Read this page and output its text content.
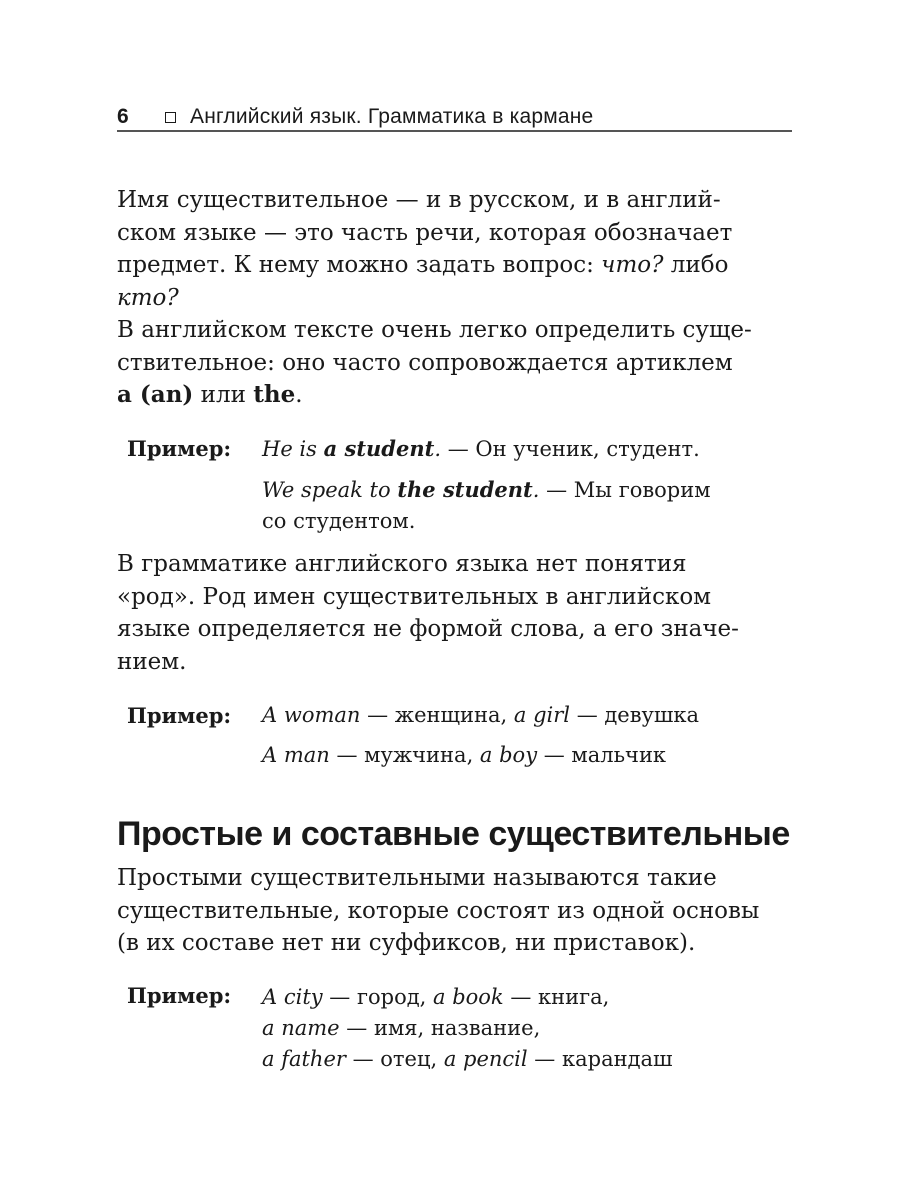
6	Английский язык. Грамматика в кармане
Имя существительное — и в русском, и в англий-
ском языке — это часть речи, которая обозначает
предмет. К нему можно задать вопрос: что? либо
кто?
В английском тексте очень легко определить суще-
ствительное: оно часто сопровождается артиклем
a (an) или the.
Пример: He is a student. — Он ученик, студент.
We speak to the student. — Мы говорим
со студентом.
В грамматике английского языка нет понятия
«род». Род имен существительных в английском
языке определяется не формой слова, а его значе-
нием.
Пример: A woman — женщина, a girl — девушка
A man — мужчина, a boy — мальчик
Простые и составные существительные
Простыми существительными называются такие
существительные, которые состоят из одной основы
(в их составе нет ни суффиксов, ни приставок).
Пример: A city — город, a book — книга,
a name — имя, название,
a father — отец, a pencil — карандаш
